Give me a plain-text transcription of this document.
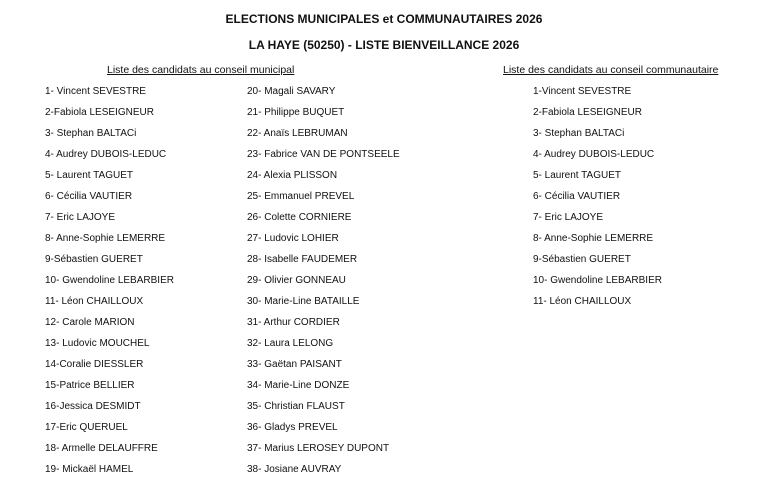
ELECTIONS MUNICIPALES et COMMUNAUTAIRES 2026
LA HAYE (50250) - LISTE BIENVEILLANCE 2026
Liste des candidats au conseil municipal	Liste des candidats au conseil communautaire
1- Vincent SEVESTRE
2-Fabiola LESEIGNEUR
3- Stephan BALTACi
4- Audrey DUBOIS-LEDUC
5- Laurent TAGUET
6- Cécilia VAUTIER
7- Eric LAJOYE
8- Anne-Sophie LEMERRE
9-Sébastien GUERET
10- Gwendoline LEBARBIER
11- Léon CHAILLOUX
12- Carole MARION
13- Ludovic MOUCHEL
14-Coralie DIESSLER
15-Patrice BELLIER
16-Jessica DESMIDT
17-Eric QUERUEL
18- Armelle DELAUFFRE
19- Mickaël HAMEL
20- Magali SAVARY
21- Philippe BUQUET
22- Anaïs LEBRUMAN
23- Fabrice VAN DE PONTSEELE
24- Alexia PLISSON
25- Emmanuel PREVEL
26- Colette CORNIERE
27- Ludovic LOHIER
28- Isabelle FAUDEMER
29- Olivier GONNEAU
30- Marie-Line BATAILLE
31- Arthur CORDIER
32- Laura LELONG
33- Gaëtan PAISANT
34- Marie-Line DONZE
35- Christian FLAUST
36- Gladys PREVEL
37- Marius LEROSEY DUPONT
38- Josiane AUVRAY
1-Vincent SEVESTRE
2-Fabiola LESEIGNEUR
3- Stephan BALTACi
4- Audrey DUBOIS-LEDUC
5- Laurent TAGUET
6- Cécilia VAUTIER
7- Eric LAJOYE
8- Anne-Sophie LEMERRE
9-Sébastien GUERET
10- Gwendoline LEBARBIER
11- Léon CHAILLOUX
